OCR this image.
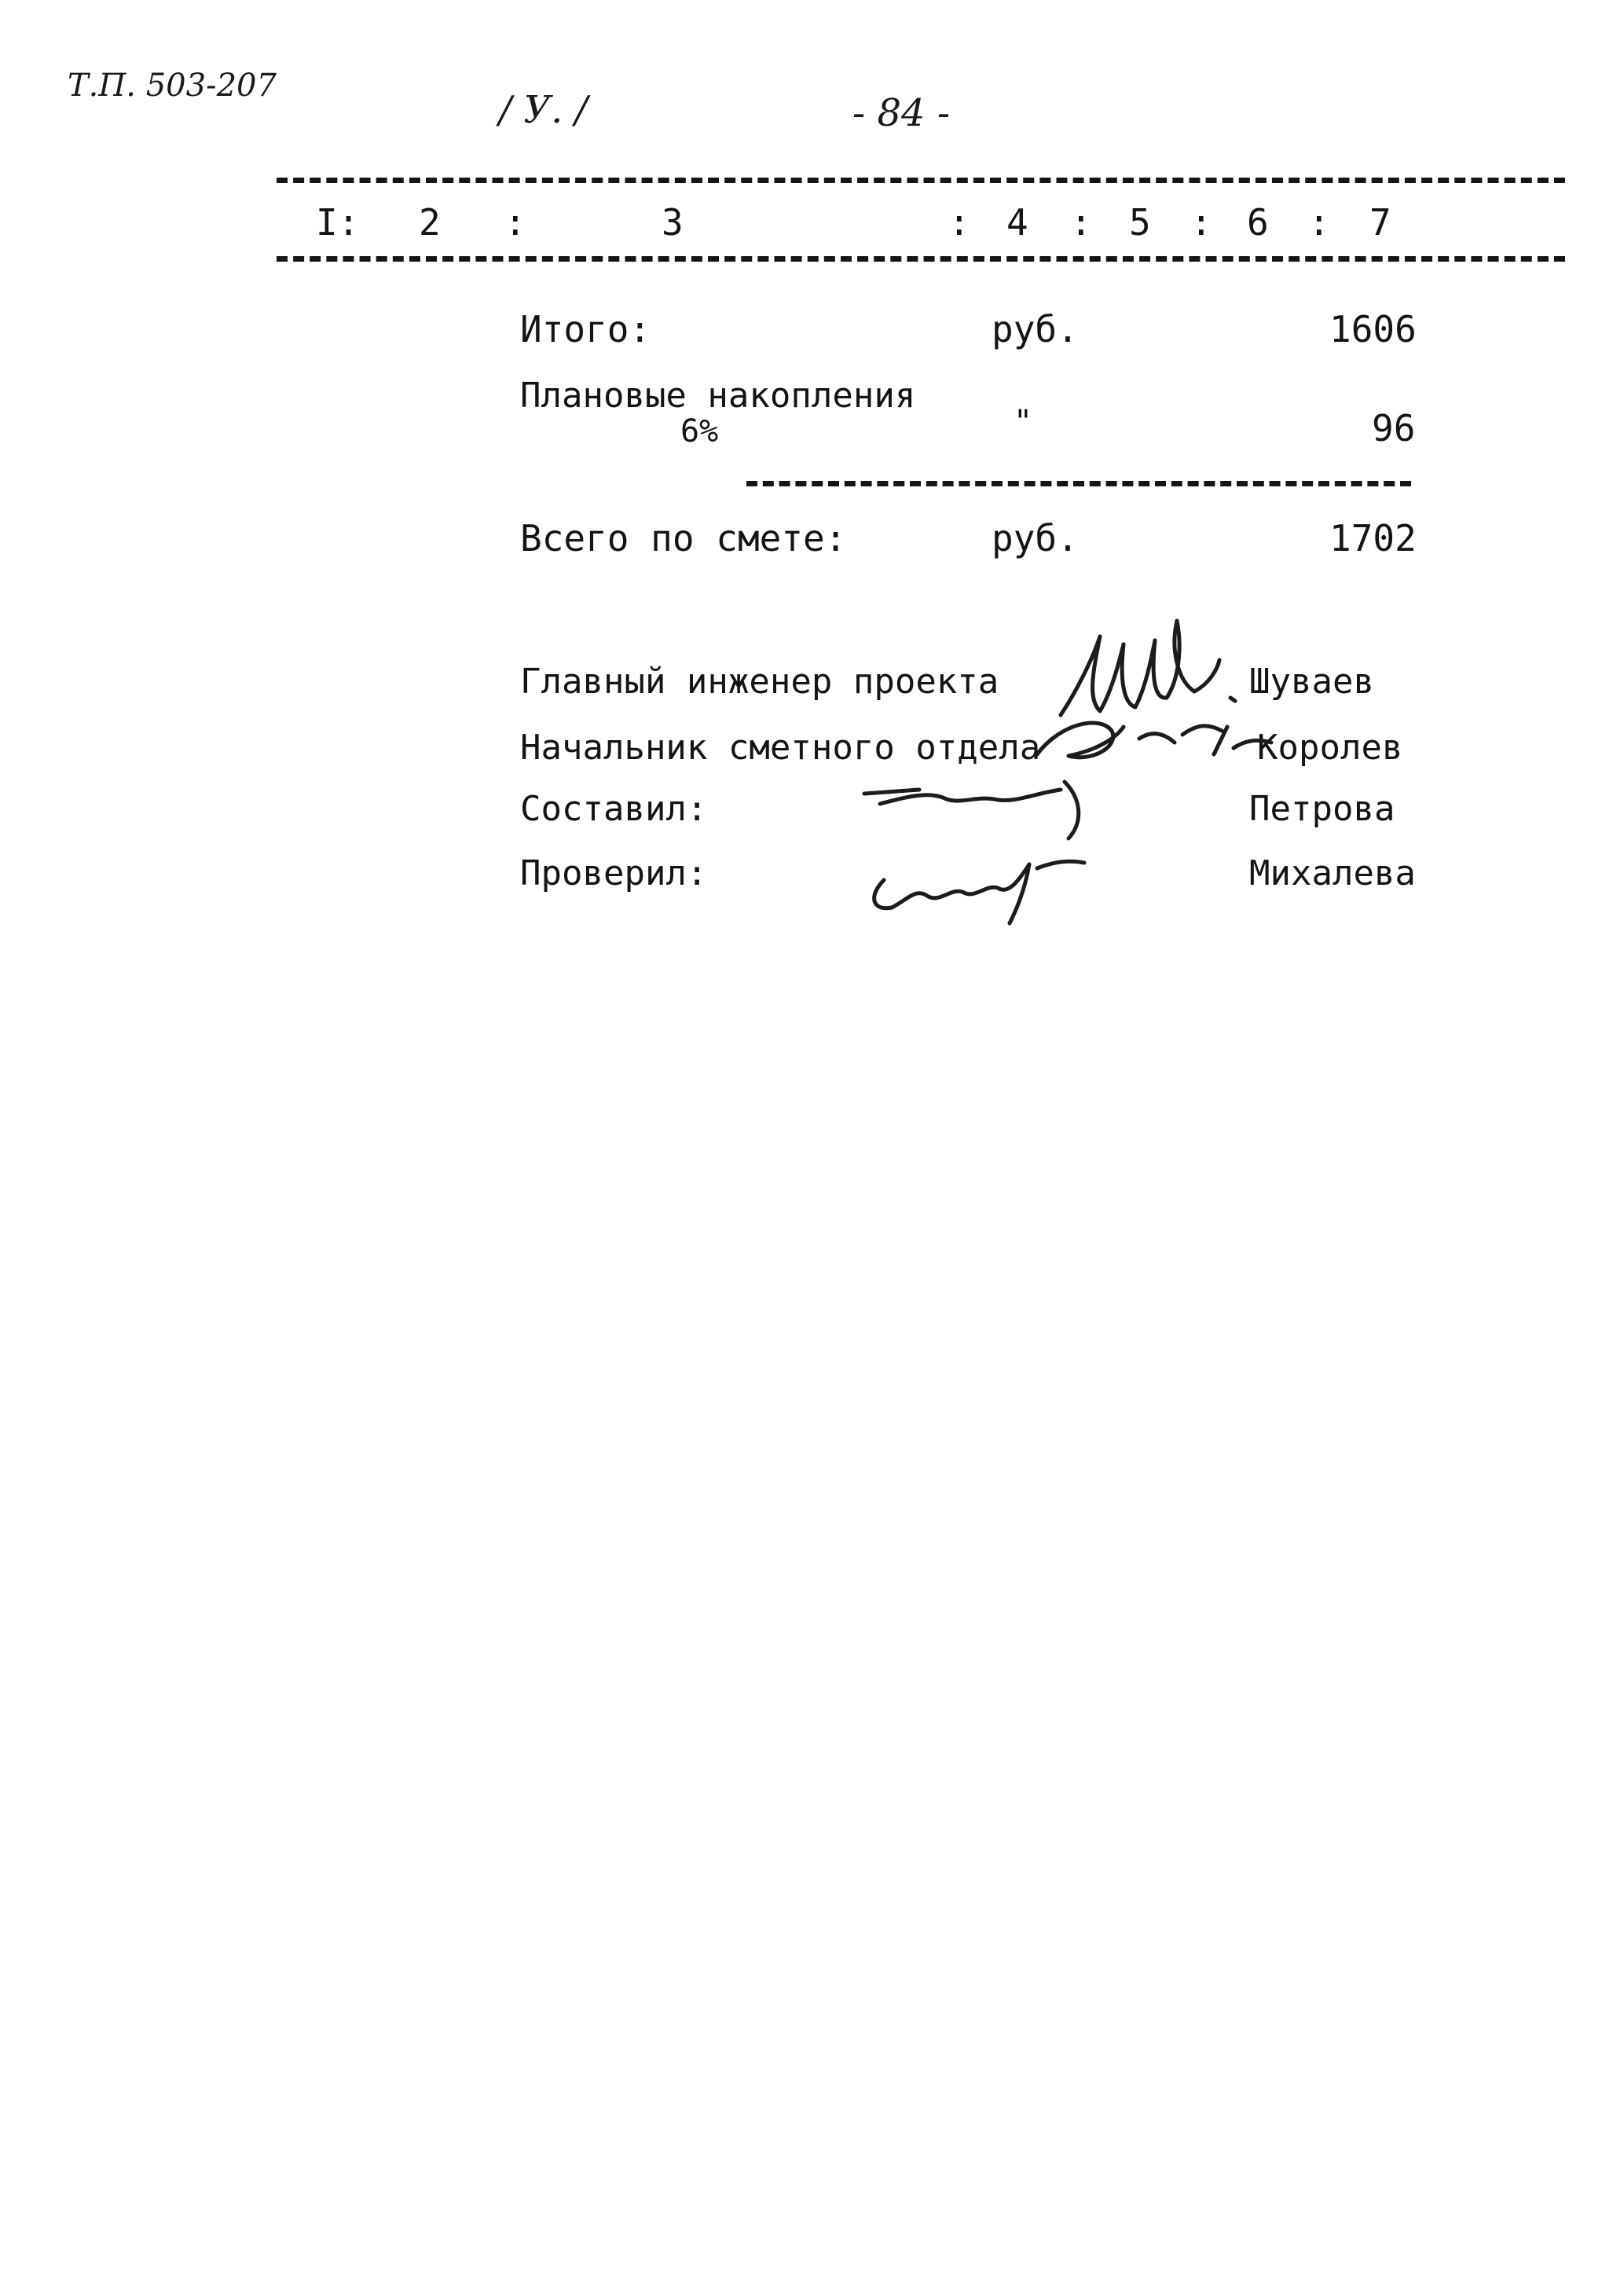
Т.П. 503-207
/ У. /	- 84 -
I: 2 :	3	: 4 : 5 : 6 : 7
Итого:	руб.	1606
Плановые накопления
6%	"	96
Всего по смете:	руб.	1702
Главный инженер проекта	Шуваев
Начальник сметного отдела	Королев
Составил:	Петрова
Проверил:	Михалева
